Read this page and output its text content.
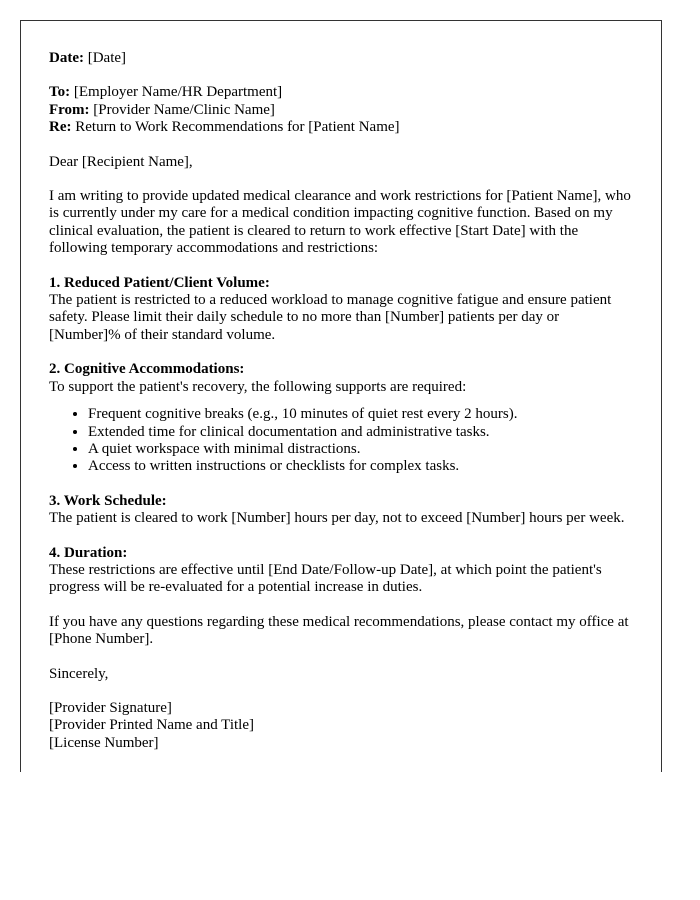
Date: [Date]

To: [Employer Name/HR Department]
From: [Provider Name/Clinic Name]
Re: Return to Work Recommendations for [Patient Name]

Dear [Recipient Name],

I am writing to provide updated medical clearance and work restrictions for [Patient Name], who is currently under my care for a medical condition impacting cognitive function. Based on my clinical evaluation, the patient is cleared to return to work effective [Start Date] with the following temporary accommodations and restrictions:

1. Reduced Patient/Client Volume:
The patient is restricted to a reduced workload to manage cognitive fatigue and ensure patient safety. Please limit their daily schedule to no more than [Number] patients per day or [Number]% of their standard volume.

2. Cognitive Accommodations:
To support the patient's recovery, the following supports are required:

• Frequent cognitive breaks (e.g., 10 minutes of quiet rest every 2 hours).
• Extended time for clinical documentation and administrative tasks.
• A quiet workspace with minimal distractions.
• Access to written instructions or checklists for complex tasks.

3. Work Schedule:
The patient is cleared to work [Number] hours per day, not to exceed [Number] hours per week.

4. Duration:
These restrictions are effective until [End Date/Follow-up Date], at which point the patient's progress will be re-evaluated for a potential increase in duties.

If you have any questions regarding these medical recommendations, please contact my office at [Phone Number].

Sincerely,

[Provider Signature]
[Provider Printed Name and Title]
[License Number]
